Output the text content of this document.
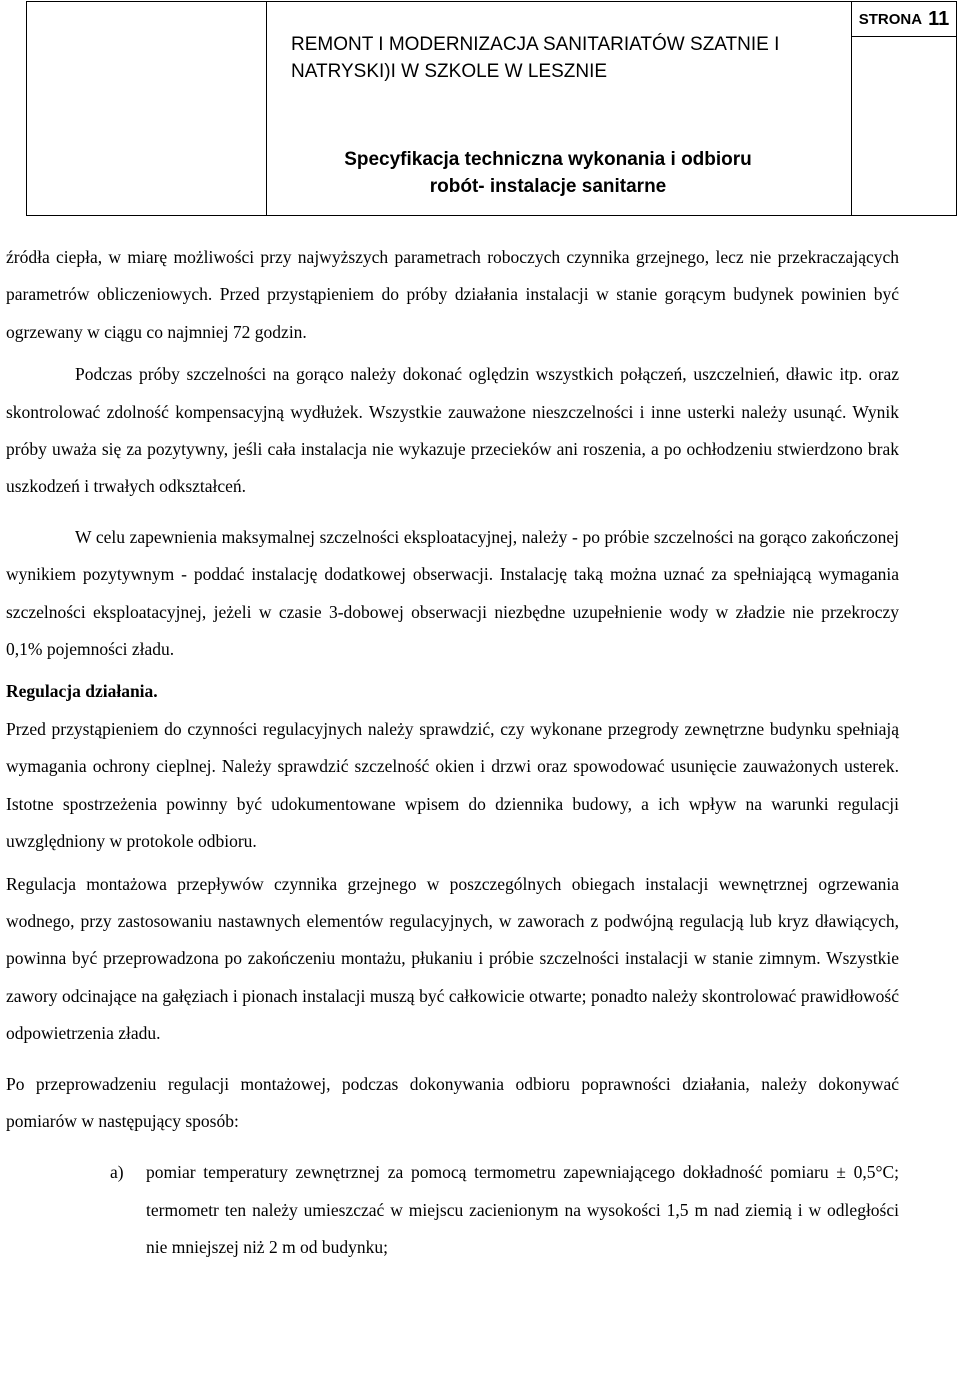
STRONA 11
REMONT I MODERNIZACJA SANITARIATÓW SZATNIE I
NATRYSKI)I W SZKOLE W LESZNIE
Specyfikacja techniczna wykonania i odbioru
robót- instalacje sanitarne

źródła ciepła, w miarę możliwości przy najwyższych parametrach roboczych czynnika grzejnego, lecz nie przekraczających parametrów obliczeniowych. Przed przystąpieniem do próby działania instalacji w stanie gorącym budynek powinien być ogrzewany w ciągu co najmniej 72 godzin.

Podczas próby szczelności na gorąco należy dokonać oględzin wszystkich połączeń, uszczelnień, dławic itp. oraz skontrolować zdolność kompensacyjną wydłużek. Wszystkie zauważone nieszczelności i inne usterki należy usunąć. Wynik próby uważa się za pozytywny, jeśli cała instalacja nie wykazuje przecieków ani roszenia, a po ochłodzeniu stwierdzono brak uszkodzeń i trwałych odkształceń.

W celu zapewnienia maksymalnej szczelności eksploatacyjnej, należy - po próbie szczelności na gorąco zakończonej wynikiem pozytywnym - poddać instalację dodatkowej obserwacji. Instalację taką można uznać za spełniającą wymagania szczelności eksploatacyjnej, jeżeli w czasie 3-dobowej obserwacji niezbędne uzupełnienie wody w zładzie nie przekroczy 0,1% pojemności zładu.

Regulacja działania.

Przed przystąpieniem do czynności regulacyjnych należy sprawdzić, czy wykonane przegrody zewnętrzne budynku spełniają wymagania ochrony cieplnej. Należy sprawdzić szczelność okien i drzwi oraz spowodować usunięcie zauważonych usterek. Istotne spostrzeżenia powinny być udokumentowane wpisem do dziennika budowy, a ich wpływ na warunki regulacji uwzględniony w protokole odbioru.

Regulacja montażowa przepływów czynnika grzejnego w poszczególnych obiegach instalacji wewnętrznej ogrzewania wodnego, przy zastosowaniu nastawnych elementów regulacyjnych, w zaworach z podwójną regulacją lub kryz dławiących, powinna być przeprowadzona po zakończeniu montażu, płukaniu i próbie szczelności instalacji w stanie zimnym. Wszystkie zawory odcinające na gałęziach i pionach instalacji muszą być całkowicie otwarte; ponadto należy skontrolować prawidłowość odpowietrzenia zładu.

Po przeprowadzeniu regulacji montażowej, podczas dokonywania odbioru poprawności działania, należy dokonywać pomiarów w następujący sposób:

a)	pomiar temperatury zewnętrznej za pomocą termometru zapewniającego dokładność pomiaru ± 0,5°C; termometr ten należy umieszczać w miejscu zacienionym na wysokości 1,5 m nad ziemią i w odległości nie mniejszej niż 2 m od budynku;
